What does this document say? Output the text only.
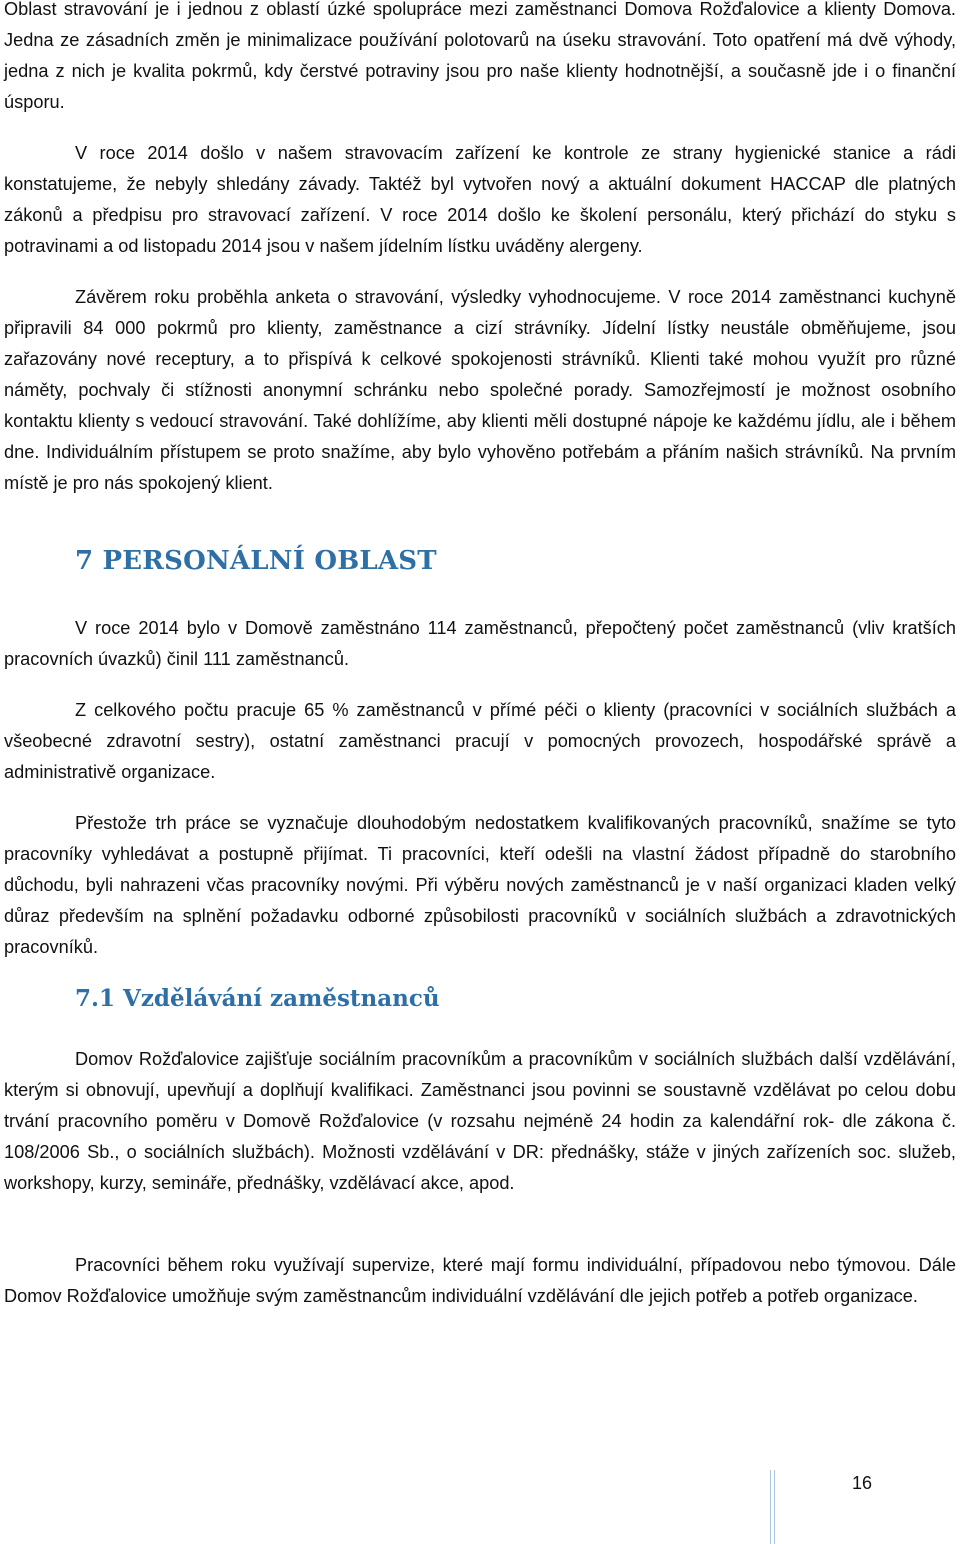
Oblast stravování je i jednou z oblastí úzké spolupráce mezi zaměstnanci Domova Rožďalovice a klienty Domova. Jedna ze zásadních změn je minimalizace používání polotovarů na úseku stravování. Toto opatření má dvě výhody, jedna z nich je kvalita pokrmů, kdy čerstvé potraviny jsou pro naše klienty hodnotnější, a současně jde i o finanční úsporu.

V roce 2014 došlo v našem stravovacím zařízení ke kontrole ze strany hygienické stanice a rádi konstatujeme, že nebyly shledány závady. Taktéž byl vytvořen nový a aktuální dokument HACCAP dle platných zákonů a předpisu pro stravovací zařízení. V roce 2014 došlo ke školení personálu, který přichází do styku s potravinami a od listopadu 2014 jsou v našem jídelním lístku uváděny alergeny.

Závěrem roku proběhla anketa o stravování, výsledky vyhodnocujeme. V roce 2014 zaměstnanci kuchyně připravili 84 000 pokrmů pro klienty, zaměstnance a cizí strávníky. Jídelní lístky neustále obměňujeme, jsou zařazovány nové receptury, a to přispívá k celkové spokojenosti strávníků. Klienti také mohou využít pro různé náměty, pochvaly či stížnosti anonymní schránku nebo společné porady. Samozřejmostí je možnost osobního kontaktu klienty s vedoucí stravování. Také dohlížíme, aby klienti měli dostupné nápoje ke každému jídlu, ale i během dne. Individuálním přístupem se proto snažíme, aby bylo vyhověno potřebám a přáním našich strávníků. Na prvním místě je pro nás spokojený klient.

7 PERSONÁLNÍ OBLAST

V roce 2014 bylo v Domově zaměstnáno 114 zaměstnanců, přepočtený počet zaměstnanců (vliv kratších pracovních úvazků) činil 111 zaměstnanců.

Z celkového počtu pracuje 65 % zaměstnanců v přímé péči o klienty (pracovníci v sociálních službách a všeobecné zdravotní sestry), ostatní zaměstnanci pracují v pomocných provozech, hospodářské správě a administrativě organizace.

Přestože trh práce se vyznačuje dlouhodobým nedostatkem kvalifikovaných pracovníků, snažíme se tyto pracovníky vyhledávat a postupně přijímat. Ti pracovníci, kteří odešli na vlastní žádost případně do starobního důchodu, byli nahrazeni včas pracovníky novými. Při výběru nových zaměstnanců je v naší organizaci kladen velký důraz především na splnění požadavku odborné způsobilosti pracovníků v sociálních službách a zdravotnických pracovníků.

7.1 Vzdělávání zaměstnanců

Domov Rožďalovice zajišťuje sociálním pracovníkům a pracovníkům v sociálních službách další vzdělávání, kterým si obnovují, upevňují a doplňují kvalifikaci. Zaměstnanci jsou povinni se soustavně vzdělávat po celou dobu trvání pracovního poměru v Domově Rožďalovice (v rozsahu nejméně 24 hodin za kalendářní rok- dle zákona č. 108/2006 Sb., o sociálních službách). Možnosti vzdělávání v DR: přednášky, stáže v jiných zařízeních soc. služeb, workshopy, kurzy, semináře, přednášky, vzdělávací akce, apod.

Pracovníci během roku využívají supervize, které mají formu individuální, případovou nebo týmovou. Dále Domov Rožďalovice umožňuje svým zaměstnancům individuální vzdělávání dle jejich potřeb a potřeb organizace.

16
